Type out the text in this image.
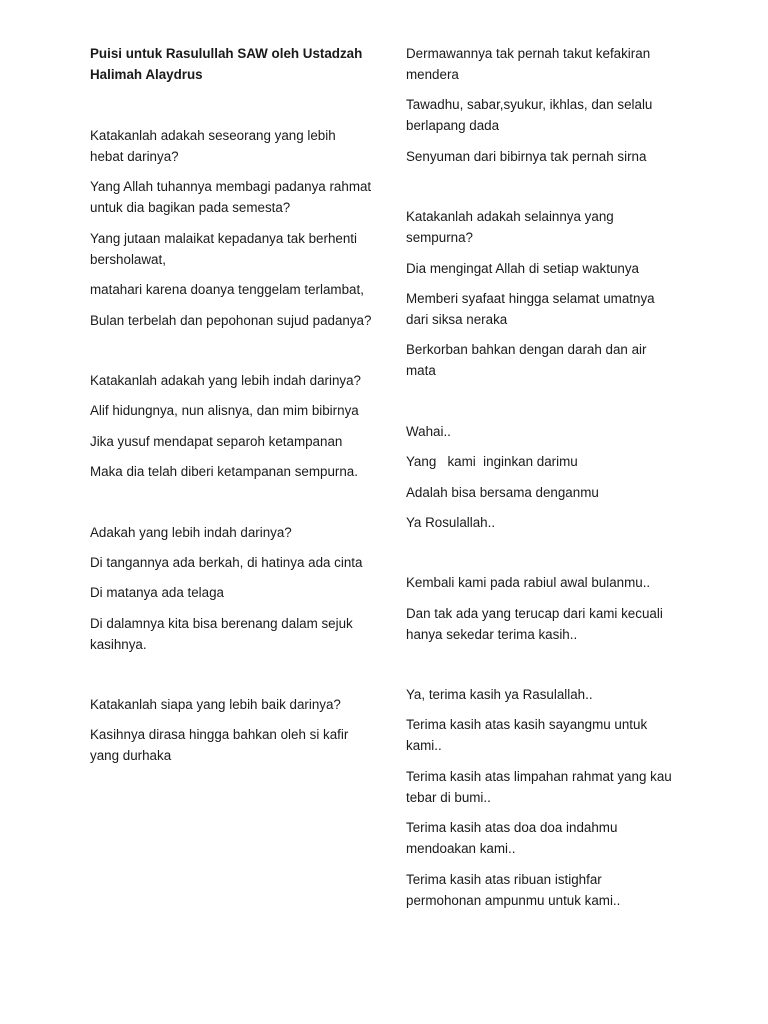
Puisi untuk Rasulullah SAW oleh Ustadzah Halimah Alaydrus
Katakanlah adakah seseorang yang lebih hebat darinya?
Yang Allah tuhannya membagi padanya rahmat untuk dia bagikan pada semesta?
Yang jutaan malaikat kepadanya tak berhenti bersholawat,
matahari karena doanya tenggelam terlambat,
Bulan terbelah dan pepohonan sujud padanya?
Katakanlah adakah yang lebih indah darinya?
Alif hidungnya, nun alisnya, dan mim bibirnya
Jika yusuf mendapat separoh ketampanan
Maka dia telah diberi ketampanan sempurna.
Adakah yang lebih indah darinya?
Di tangannya ada berkah, di hatinya ada cinta
Di matanya ada telaga
Di dalamnya kita bisa berenang dalam sejuk kasihnya.
Katakanlah siapa yang lebih baik darinya?
Kasihnya dirasa hingga bahkan oleh si kafir yang durhaka
Dermawannya tak pernah takut kefakiran mendera
Tawadhu, sabar,syukur, ikhlas, dan selalu berlapang dada
Senyuman dari bibirnya tak pernah sirna
Katakanlah adakah selainnya yang sempurna?
Dia mengingat Allah di setiap waktunya
Memberi syafaat hingga selamat umatnya dari siksa neraka
Berkorban bahkan dengan darah dan air mata
Wahai..
Yang   kami  inginkan darimu
Adalah bisa bersama denganmu
Ya Rosulallah..
Kembali kami pada rabiul awal bulanmu..
Dan tak ada yang terucap dari kami kecuali hanya sekedar terima kasih..
Ya, terima kasih ya Rasulallah..
Terima kasih atas kasih sayangmu untuk kami..
Terima kasih atas limpahan rahmat yang kau tebar di bumi..
Terima kasih atas doa doa indahmu mendoakan kami..
Terima kasih atas ribuan istighfar permohonan ampunmu untuk kami..
